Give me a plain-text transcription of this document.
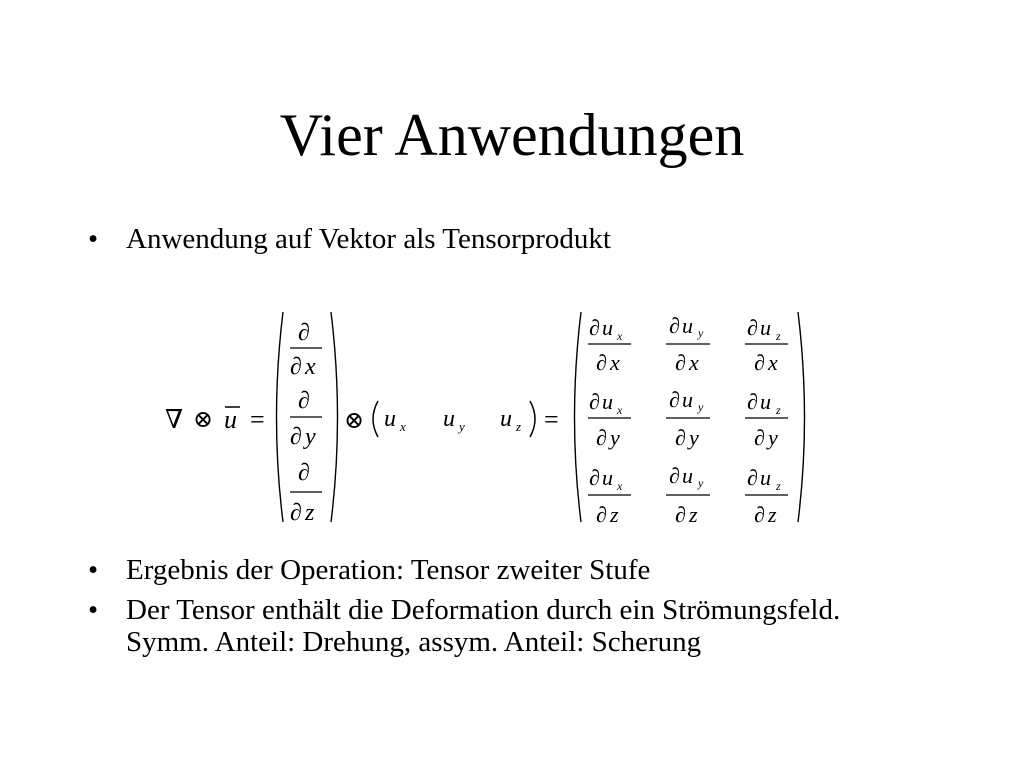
Vier Anwendungen
• Anwendung auf Vektor als Tensorprodukt
• Ergebnis der Operation: Tensor zweiter Stufe
• Der Tensor enthält die Deformation durch ein Strömungsfeld. Symm. Anteil: Drehung, assym. Anteil: Scherung
∇ ⊗ u =
∂
∂ x
∂
∂ y
∂
∂ z
⊗ u x u y u z =
∂ u x
∂ x
∂ u y
∂ x
∂ u z
∂ x
∂ u x
∂ y
∂ u y
∂ y
∂ u z
∂ y
∂ u x
∂ z
∂ u y
∂ z
∂ u z
∂ z
